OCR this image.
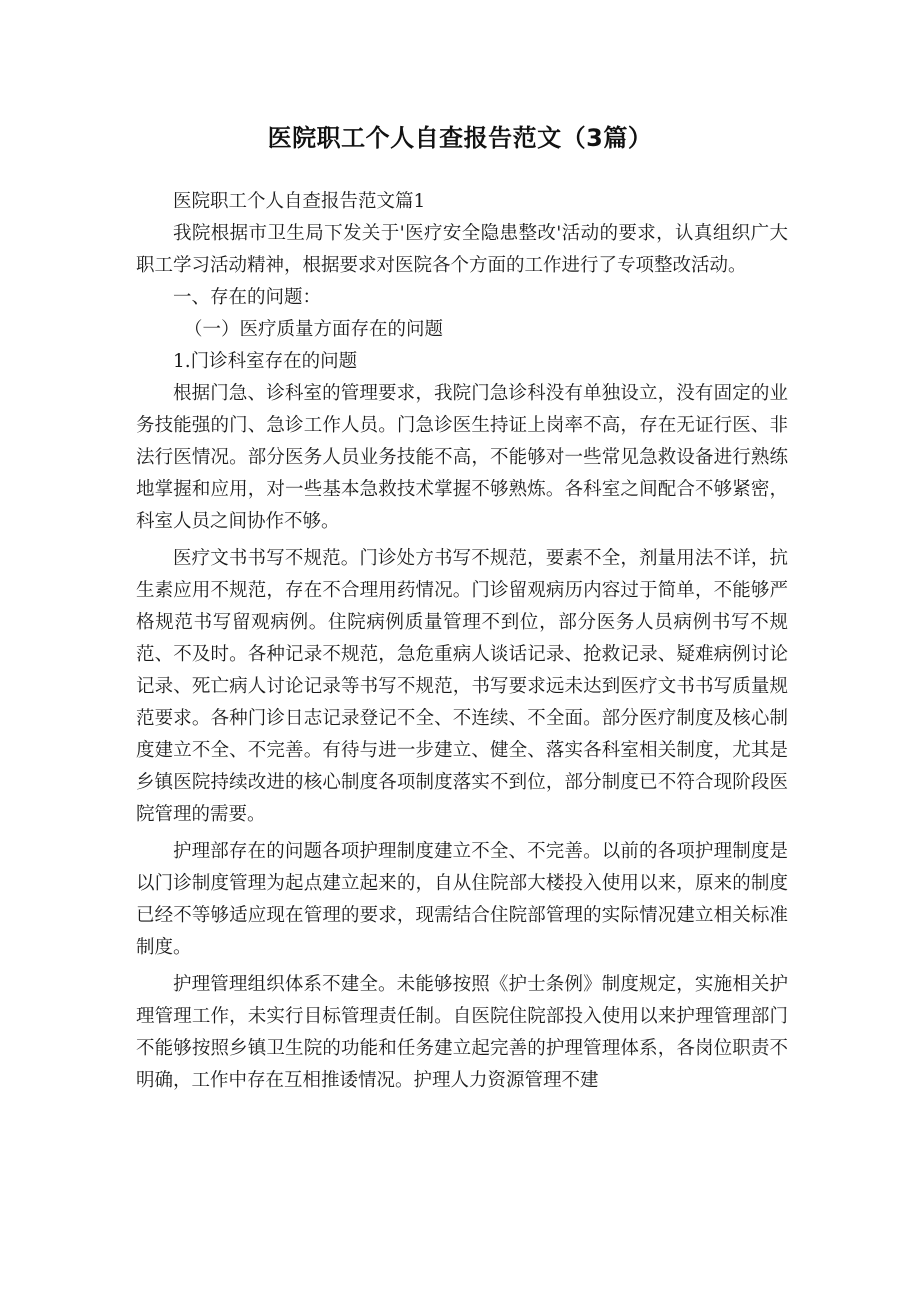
医院职工个人自查报告范文（3篇）

医院职工个人自查报告范文篇1

我院根据市卫生局下发关于'医疗安全隐患整改'活动的要求，认真组织广大职工学习活动精神，根据要求对医院各个方面的工作进行了专项整改活动。

一、存在的问题：

（一）医疗质量方面存在的问题

1.门诊科室存在的问题

根据门急、诊科室的管理要求，我院门急诊科没有单独设立，没有固定的业务技能强的门、急诊工作人员。门急诊医生持证上岗率不高，存在无证行医、非法行医情况。部分医务人员业务技能不高，不能够对一些常见急救设备进行熟练地掌握和应用，对一些基本急救技术掌握不够熟炼。各科室之间配合不够紧密，科室人员之间协作不够。

医疗文书书写不规范。门诊处方书写不规范，要素不全，剂量用法不详，抗生素应用不规范，存在不合理用药情况。门诊留观病历内容过于简单，不能够严格规范书写留观病例。住院病例质量管理不到位，部分医务人员病例书写不规范、不及时。各种记录不规范，急危重病人谈话记录、抢救记录、疑难病例讨论记录、死亡病人讨论记录等书写不规范，书写要求远未达到医疗文书书写质量规范要求。各种门诊日志记录登记不全、不连续、不全面。部分医疗制度及核心制度建立不全、不完善。有待与进一步建立、健全、落实各科室相关制度，尤其是乡镇医院持续改进的核心制度各项制度落实不到位，部分制度已不符合现阶段医院管理的需要。

护理部存在的问题各项护理制度建立不全、不完善。以前的各项护理制度是以门诊制度管理为起点建立起来的，自从住院部大楼投入使用以来，原来的制度已经不等够适应现在管理的要求，现需结合住院部管理的实际情况建立相关标准制度。

护理管理组织体系不建全。未能够按照《护士条例》制度规定，实施相关护理管理工作，未实行目标管理责任制。自医院住院部投入使用以来护理管理部门不能够按照乡镇卫生院的功能和任务建立起完善的护理管理体系，各岗位职责不明确，工作中存在互相推诿情况。护理人力资源管理不建
